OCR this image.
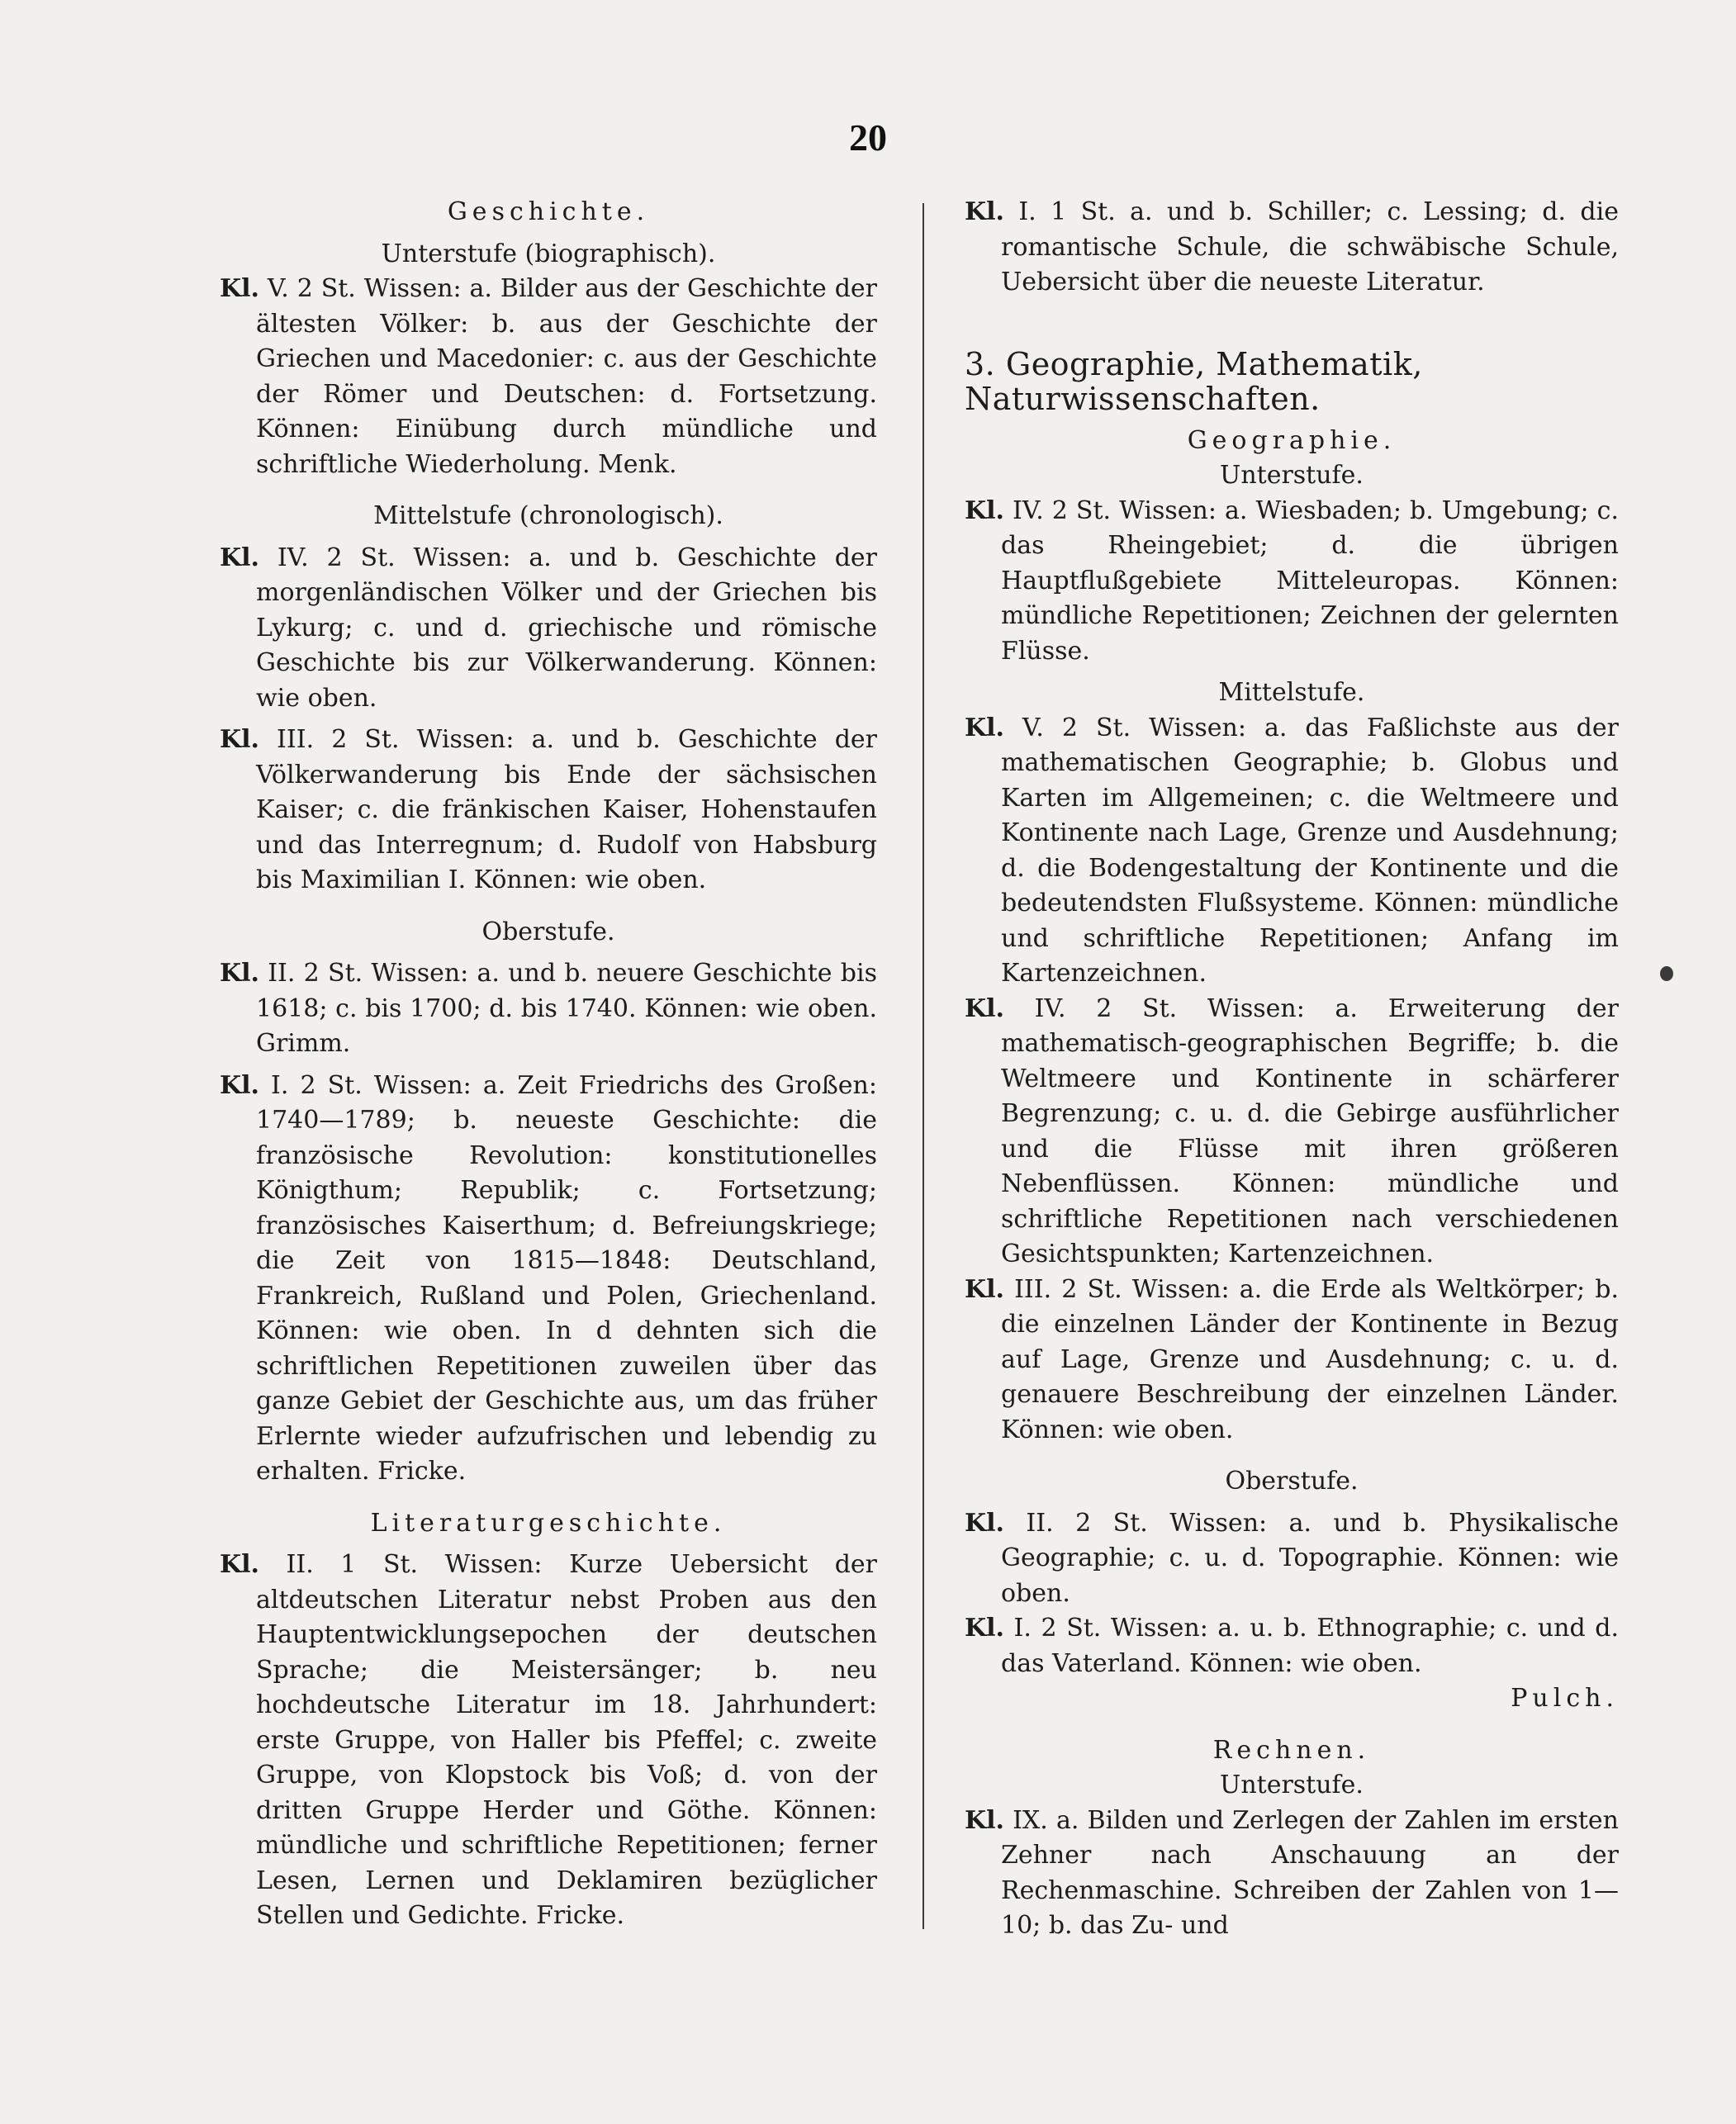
20

Geschichte.

Unterstufe (biographisch).

Kl. V. 2 St. Wissen: a. Bilder aus der Geschichte der ältesten Völker: b. aus der Geschichte der Griechen und Macedonier: c. aus der Geschichte der Römer und Deutschen: d. Fortsetzung. Können: Einübung durch mündliche und schriftliche Wiederholung. Menk.

Mittelstufe (chronologisch).

Kl. IV. 2 St. Wissen: a. und b. Geschichte der morgenländischen Völker und der Griechen bis Lykurg; c. und d. griechische und römische Geschichte bis zur Völkerwanderung. Können: wie oben.

Kl. III. 2 St. Wissen: a. und b. Geschichte der Völkerwanderung bis Ende der sächsischen Kaiser; c. die fränkischen Kaiser, Hohenstaufen und das Interregnum; d. Rudolf von Habsburg bis Maximilian I. Können: wie oben.

Oberstufe.

Kl. II. 2 St. Wissen: a. und b. neuere Geschichte bis 1618; c. bis 1700; d. bis 1740. Können: wie oben. Grimm.

Kl. I. 2 St. Wissen: a. Zeit Friedrichs des Großen: 1740—1789; b. neueste Geschichte: die französische Revolution: konstitutionelles Königthum; Republik; c. Fortsetzung; französisches Kaiserthum; d. Befreiungskriege; die Zeit von 1815—1848: Deutschland, Frankreich, Rußland und Polen, Griechenland. Können: wie oben. In d dehnten sich die schriftlichen Repetitionen zuweilen über das ganze Gebiet der Geschichte aus, um das früher Erlernte wieder aufzufrischen und lebendig zu erhalten. Fricke.

Literaturgeschichte.

Kl. II. 1 St. Wissen: Kurze Uebersicht der altdeutschen Literatur nebst Proben aus den Hauptentwicklungsepochen der deutschen Sprache; die Meistersänger; b. neu hochdeutsche Literatur im 18. Jahrhundert: erste Gruppe, von Haller bis Pfeffel; c. zweite Gruppe, von Klopstock bis Voß; d. von der dritten Gruppe Herder und Göthe. Können: mündliche und schriftliche Repetitionen; ferner Lesen, Lernen und Deklamiren bezüglicher Stellen und Gedichte. Fricke.

Kl. I. 1 St. a. und b. Schiller; c. Lessing; d. die romantische Schule, die schwäbische Schule, Uebersicht über die neueste Literatur.

3. Geographie, Mathematik, Naturwissenschaften.

Geographie.

Unterstufe.

Kl. IV. 2 St. Wissen: a. Wiesbaden; b. Umgebung; c. das Rheingebiet; d. die übrigen Hauptflußgebiete Mitteleuropas. Können: mündliche Repetitionen; Zeichnen der gelernten Flüsse.

Mittelstufe.

Kl. V. 2 St. Wissen: a. das Faßlichste aus der mathematischen Geographie; b. Globus und Karten im Allgemeinen; c. die Weltmeere und Kontinente nach Lage, Grenze und Ausdehnung; d. die Bodengestaltung der Kontinente und die bedeutendsten Flußsysteme. Können: mündliche und schriftliche Repetitionen; Anfang im Kartenzeichnen.

Kl. IV. 2 St. Wissen: a. Erweiterung der mathematisch-geographischen Begriffe; b. die Weltmeere und Kontinente in schärferer Begrenzung; c. u. d. die Gebirge ausführlicher und die Flüsse mit ihren größeren Nebenflüssen. Können: mündliche und schriftliche Repetitionen nach verschiedenen Gesichtspunkten; Kartenzeichnen.

Kl. III. 2 St. Wissen: a. die Erde als Weltkörper; b. die einzelnen Länder der Kontinente in Bezug auf Lage, Grenze und Ausdehnung; c. u. d. genauere Beschreibung der einzelnen Länder. Können: wie oben.

Oberstufe.

Kl. II. 2 St. Wissen: a. und b. Physikalische Geographie; c. u. d. Topographie. Können: wie oben.

Kl. I. 2 St. Wissen: a. u. b. Ethnographie; c. und d. das Vaterland. Können: wie oben.

Pulch.

Rechnen.

Unterstufe.

Kl. IX. a. Bilden und Zerlegen der Zahlen im ersten Zehner nach Anschauung an der Rechenmaschine. Schreiben der Zahlen von 1—10; b. das Zu- und
